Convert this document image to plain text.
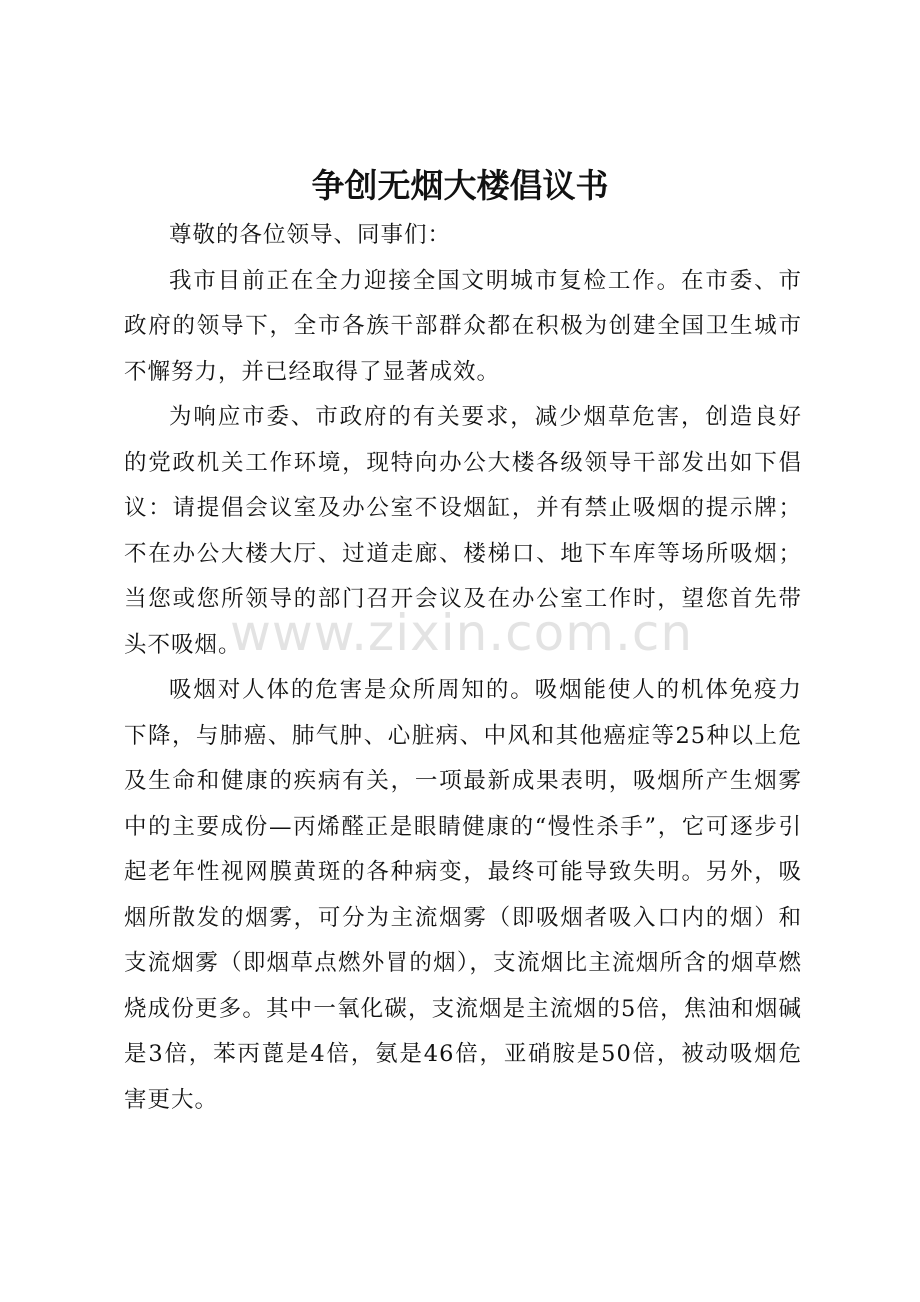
争创无烟大楼倡议书

尊敬的各位领导、同事们：

我市目前正在全力迎接全国文明城市复检工作。在市委、市政府的领导下，全市各族干部群众都在积极为创建全国卫生城市不懈努力，并已经取得了显著成效。

为响应市委、市政府的有关要求，减少烟草危害，创造良好的党政机关工作环境，现特向办公大楼各级领导干部发出如下倡议：请提倡会议室及办公室不设烟缸，并有禁止吸烟的提示牌；不在办公大楼大厅、过道走廊、楼梯口、地下车库等场所吸烟；当您或您所领导的部门召开会议及在办公室工作时，望您首先带头不吸烟。

吸烟对人体的危害是众所周知的。吸烟能使人的机体免疫力下降，与肺癌、肺气肿、心脏病、中风和其他癌症等25种以上危及生命和健康的疾病有关，一项最新成果表明，吸烟所产生烟雾中的主要成份—丙烯醛正是眼睛健康的“慢性杀手”，它可逐步引起老年性视网膜黄斑的各种病变，最终可能导致失明。另外，吸烟所散发的烟雾，可分为主流烟雾（即吸烟者吸入口内的烟）和支流烟雾（即烟草点燃外冒的烟），支流烟比主流烟所含的烟草燃烧成份更多。其中一氧化碳，支流烟是主流烟的5倍，焦油和烟碱是3倍，苯丙蓖是4倍，氨是46倍，亚硝胺是50倍，被动吸烟危害更大。

www.zixin.com.cn
